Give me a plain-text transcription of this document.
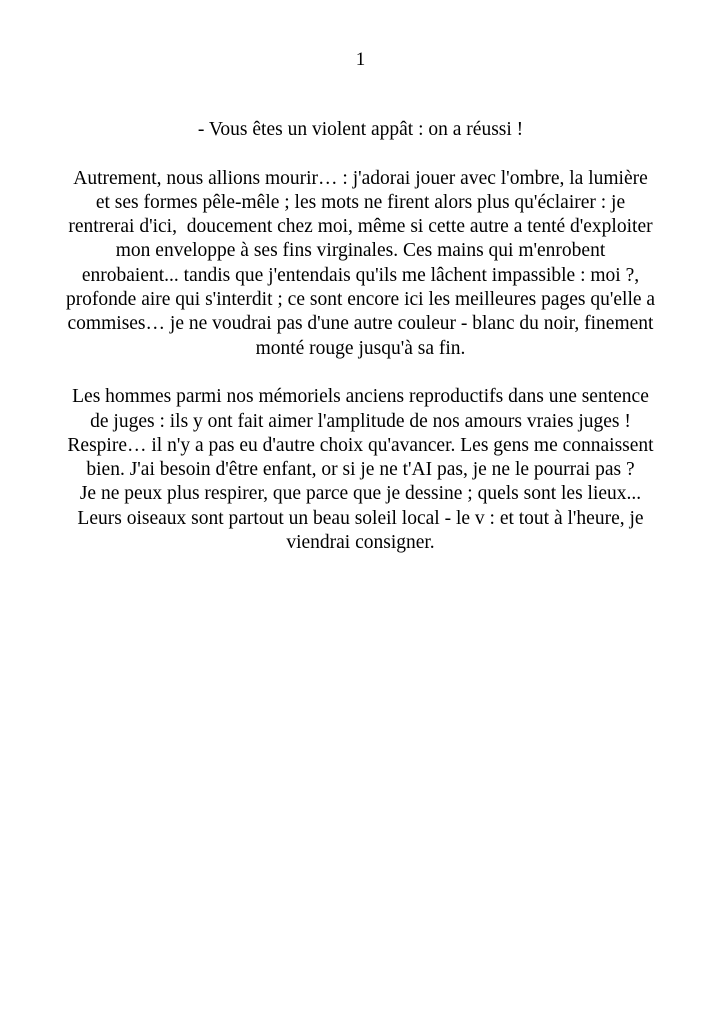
1

- Vous êtes un violent appât : on a réussi !

Autrement, nous allions mourir… : j'adorai jouer avec l'ombre, la lumière
et ses formes pêle-mêle ; les mots ne firent alors plus qu'éclairer : je
rentrerai d'ici,  doucement chez moi, même si cette autre a tenté d'exploiter
mon enveloppe à ses fins virginales. Ces mains qui m'enrobent
enrobaient... tandis que j'entendais qu'ils me lâchent impassible : moi ?,
profonde aire qui s'interdit ; ce sont encore ici les meilleures pages qu'elle a
commises… je ne voudrai pas d'une autre couleur - blanc du noir, finement
monté rouge jusqu'à sa fin.

Les hommes parmi nos mémoriels anciens reproductifs dans une sentence
de juges : ils y ont fait aimer l'amplitude de nos amours vraies juges !
Respire… il n'y a pas eu d'autre choix qu'avancer. Les gens me connaissent
bien. J'ai besoin d'être enfant, or si je ne t'AI pas, je ne le pourrai pas ?
Je ne peux plus respirer, que parce que je dessine ; quels sont les lieux...
Leurs oiseaux sont partout un beau soleil local - le v : et tout à l'heure, je
viendrai consigner.
